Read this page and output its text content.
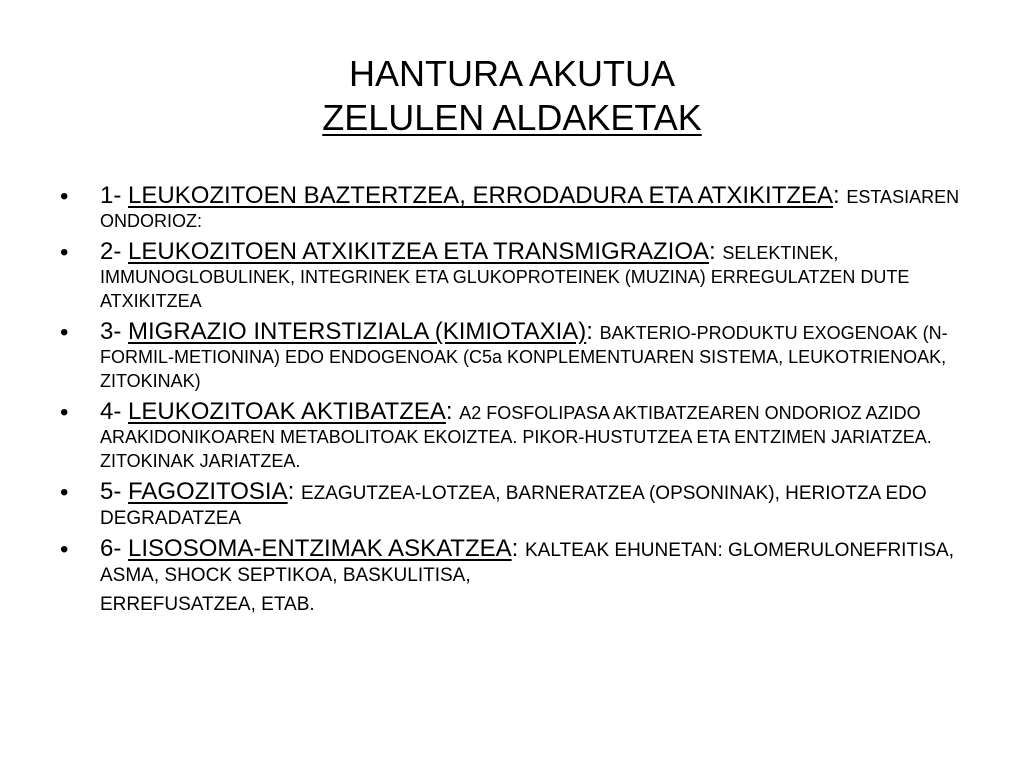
HANTURA AKUTUA
ZELULEN ALDAKETAK
• 1- LEUKOZITOEN BAZTERTZEA, ERRODADURA ETA ATXIKITZEA: ESTASIAREN ONDORIOZ:
• 2- LEUKOZITOEN ATXIKITZEA ETA TRANSMIGRAZIOA: SELEKTINEK, IMMUNOGLOBULINEK, INTEGRINEK ETA GLUKOPROTEINEK (MUZINA) ERREGULATZEN DUTE ATXIKITZEA
• 3- MIGRAZIO INTERSTIZIALA (KIMIOTAXIA): BAKTERIO-PRODUKTU EXOGENOAK (N-FORMIL-METIONINA) EDO ENDOGENOAK (C5a KONPLEMENTUAREN SISTEMA, LEUKOTRIENOAK, ZITOKINAK)
• 4- LEUKOZITOAK AKTIBATZEA: A2 FOSFOLIPASA AKTIBATZEAREN ONDORIOZ AZIDO ARAKIDONIKOAREN METABOLITOAK EKOIZTEA. PIKOR-HUSTUTZEA ETA ENTZIMEN JARIATZEA. ZITOKINAK JARIATZEA.
• 5- FAGOZITOSIA: EZAGUTZEA-LOTZEA, BARNERATZEA (OPSONINAK), HERIOTZA EDO DEGRADATZEA
• 6- LISOSOMA-ENTZIMAK ASKATZEA: KALTEAK EHUNETAN: GLOMERULONEFRITISA, ASMA, SHOCK SEPTIKOA, BASKULITISA,
ERREFUSATZEA, ETAB.
